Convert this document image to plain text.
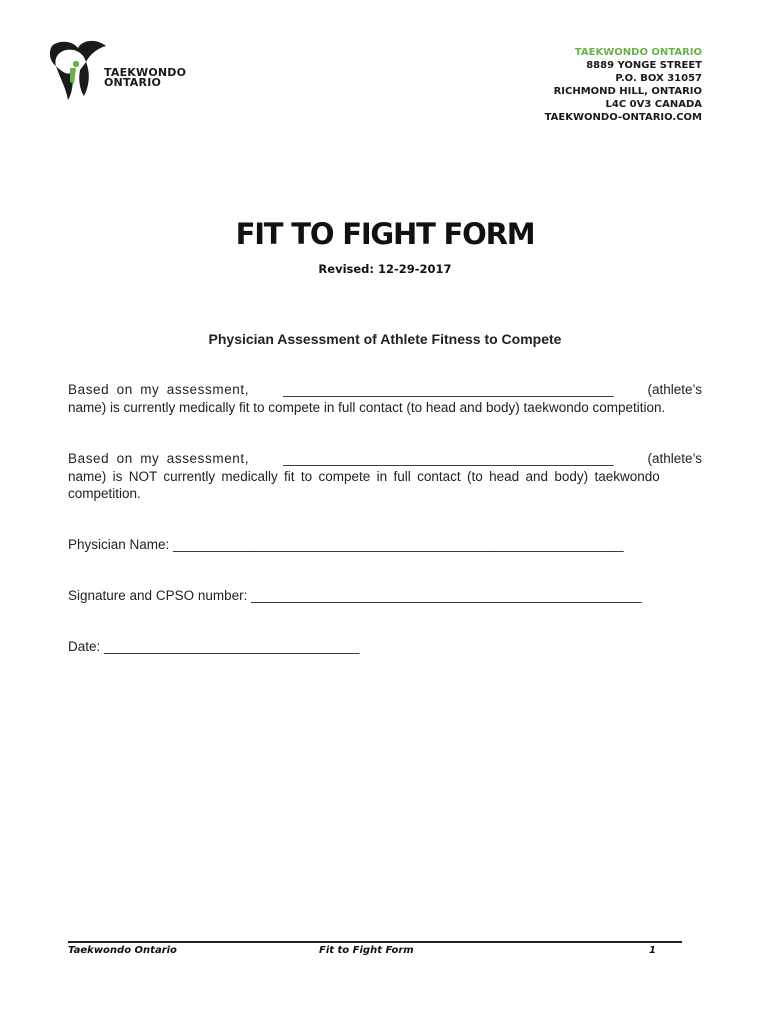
TAEKWONDO
ONTARIO
TAEKWONDO ONTARIO
8889 YONGE STREET
P.O. BOX 31057
RICHMOND HILL, ONTARIO
L4C 0V3 CANADA
TAEKWONDO-ONTARIO.COM
FIT TO FIGHT FORM
Revised: 12-29-2017
Physician Assessment of Athlete Fitness to Compete
Based on my assessment,	____________________________________________	(athlete’s
name) is currently medically fit to compete in full contact (to head and body) taekwondo competition.
Based on my assessment,	____________________________________________	(athlete’s
name) is NOT currently medically fit to compete in full contact (to head and body) taekwondo
competition.
Physician Name: ____________________________________________________________
Signature and CPSO number: ____________________________________________________
Date: __________________________________
Taekwondo Ontario	Fit to Fight Form	1
